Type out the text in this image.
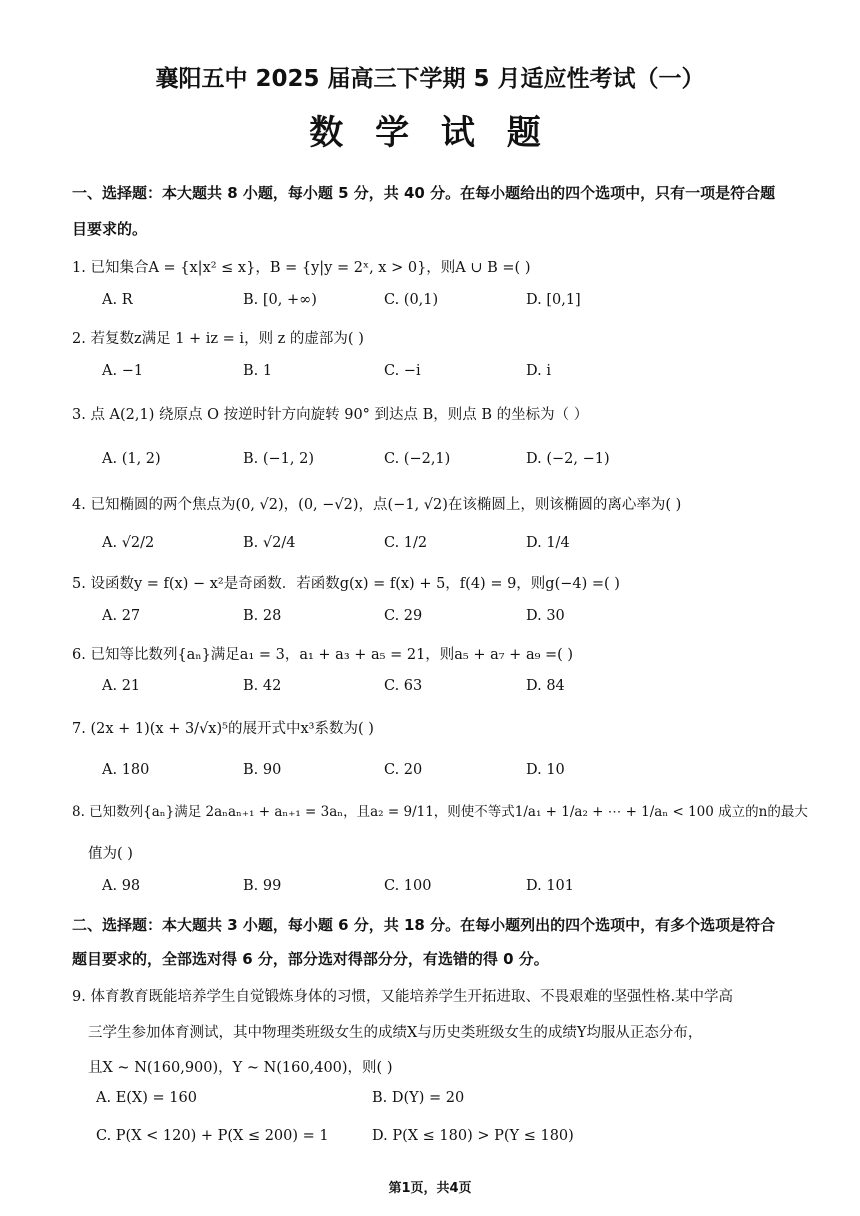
襄阳五中 2025 届高三下学期 5 月适应性考试（一）
数 学 试 题
一、选择题：本大题共 8 小题，每小题 5 分，共 40 分。在每小题给出的四个选项中，只有一项是符合题
目要求的。
1. 已知集合A = {x|x² ≤ x}，B = {y|y = 2ˣ, x > 0}，则A ∪ B =( )
A. R	B. [0, +∞)	C. (0,1)	D. [0,1]
2. 若复数z满足 1 + iz = i，则 z 的虚部为( )
A. −1	B. 1	C. −i	D. i
3. 点 A(2,1) 绕原点 O 按逆时针方向旋转 90° 到达点 B，则点 B 的坐标为（ ）
A. (1, 2)	B. (−1, 2)	C. (−2,1)	D. (−2, −1)
4. 已知椭圆的两个焦点为(0, √2)，(0, −√2)，点(−1, √2)在该椭圆上，则该椭圆的离心率为( )
A. √2/2	B. √2/4	C. 1/2	D. 1/4
5. 设函数y = f(x) − x²是奇函数．若函数g(x) = f(x) + 5，f(4) = 9，则g(−4) =( )
A. 27	B. 28	C. 29	D. 30
6. 已知等比数列{aₙ}满足a₁ = 3，a₁ + a₃ + a₅ = 21，则a₅ + a₇ + a₉ =( )
A. 21	B. 42	C. 63	D. 84
7. (2x + 1)(x + 3/√x)⁵的展开式中x³系数为( )
A. 180	B. 90	C. 20	D. 10
8. 已知数列{aₙ}满足 2aₙaₙ₊₁ + aₙ₊₁ = 3aₙ，且a₂ = 9/11，则使不等式1/a₁ + 1/a₂ + ⋯ + 1/aₙ < 100 成立的n的最大
值为( )
A. 98	B. 99	C. 100	D. 101
二、选择题：本大题共 3 小题，每小题 6 分，共 18 分。在每小题列出的四个选项中，有多个选项是符合
题目要求的，全部选对得 6 分，部分选对得部分分，有选错的得 0 分。
9. 体育教育既能培养学生自觉锻炼身体的习惯，又能培养学生开拓进取、不畏艰难的坚强性格.某中学高
三学生参加体育测试，其中物理类班级女生的成绩X与历史类班级女生的成绩Y均服从正态分布，
且X ~ N(160,900)，Y ~ N(160,400)，则( )
A. E(X) = 160	B. D(Y) = 20
C. P(X < 120) + P(X ≤ 200) = 1	D. P(X ≤ 180) > P(Y ≤ 180)
第1页，共4页
